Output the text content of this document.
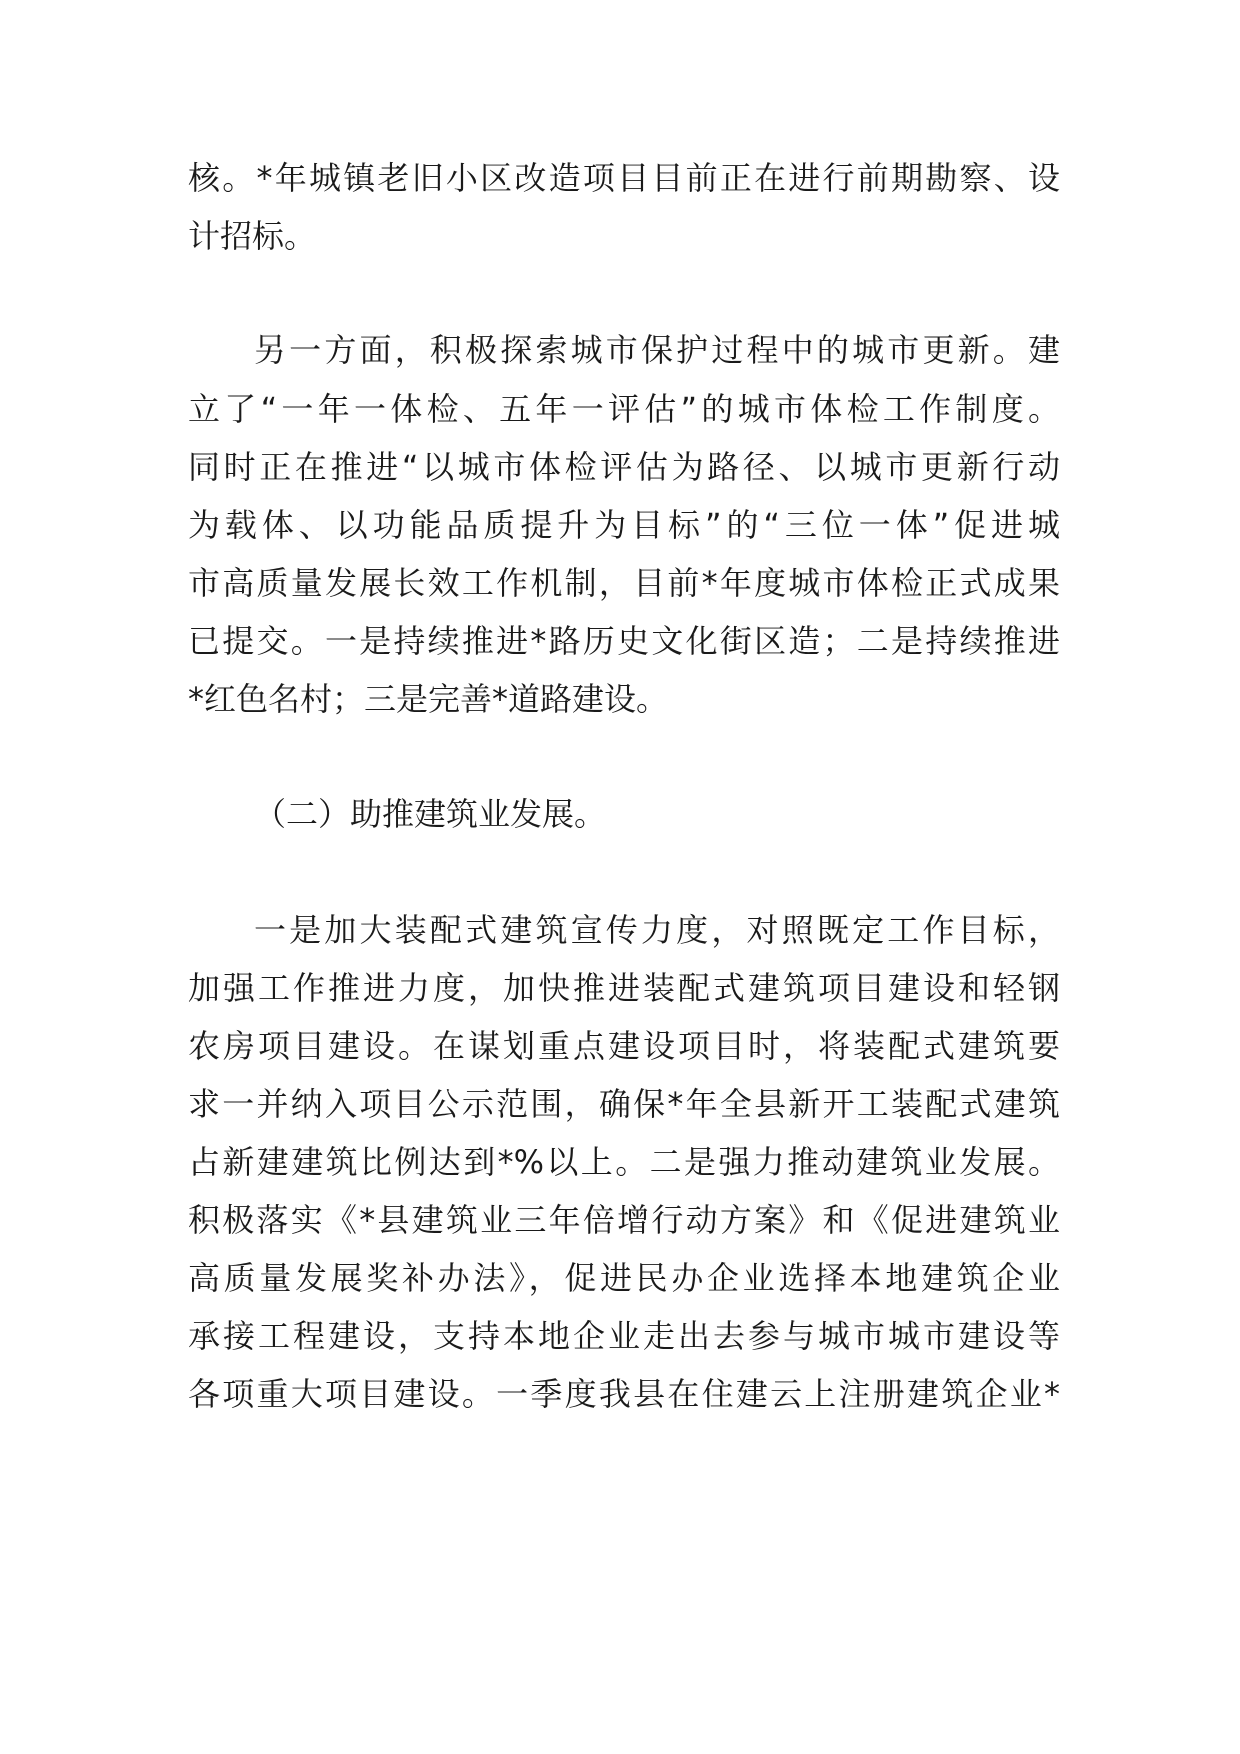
核。*年城镇老旧小区改造项目目前正在进行前期勘察、设
计招标。
另一方面，积极探索城市保护过程中的城市更新。建
立了“一年一体检、五年一评估”的城市体检工作制度。
同时正在推进“以城市体检评估为路径、以城市更新行动
为载体、以功能品质提升为目标”的“三位一体”促进城
市高质量发展长效工作机制，目前*年度城市体检正式成果
已提交。一是持续推进*路历史文化街区造；二是持续推进
*红色名村；三是完善*道路建设。
（二）助推建筑业发展。
一是加大装配式建筑宣传力度，对照既定工作目标，
加强工作推进力度，加快推进装配式建筑项目建设和轻钢
农房项目建设。在谋划重点建设项目时，将装配式建筑要
求一并纳入项目公示范围，确保*年全县新开工装配式建筑
占新建建筑比例达到*%以上。二是强力推动建筑业发展。
积极落实《*县建筑业三年倍增行动方案》和《促进建筑业
高质量发展奖补办法》，促进民办企业选择本地建筑企业
承接工程建设，支持本地企业走出去参与城市城市建设等
各项重大项目建设。一季度我县在住建云上注册建筑企业*
